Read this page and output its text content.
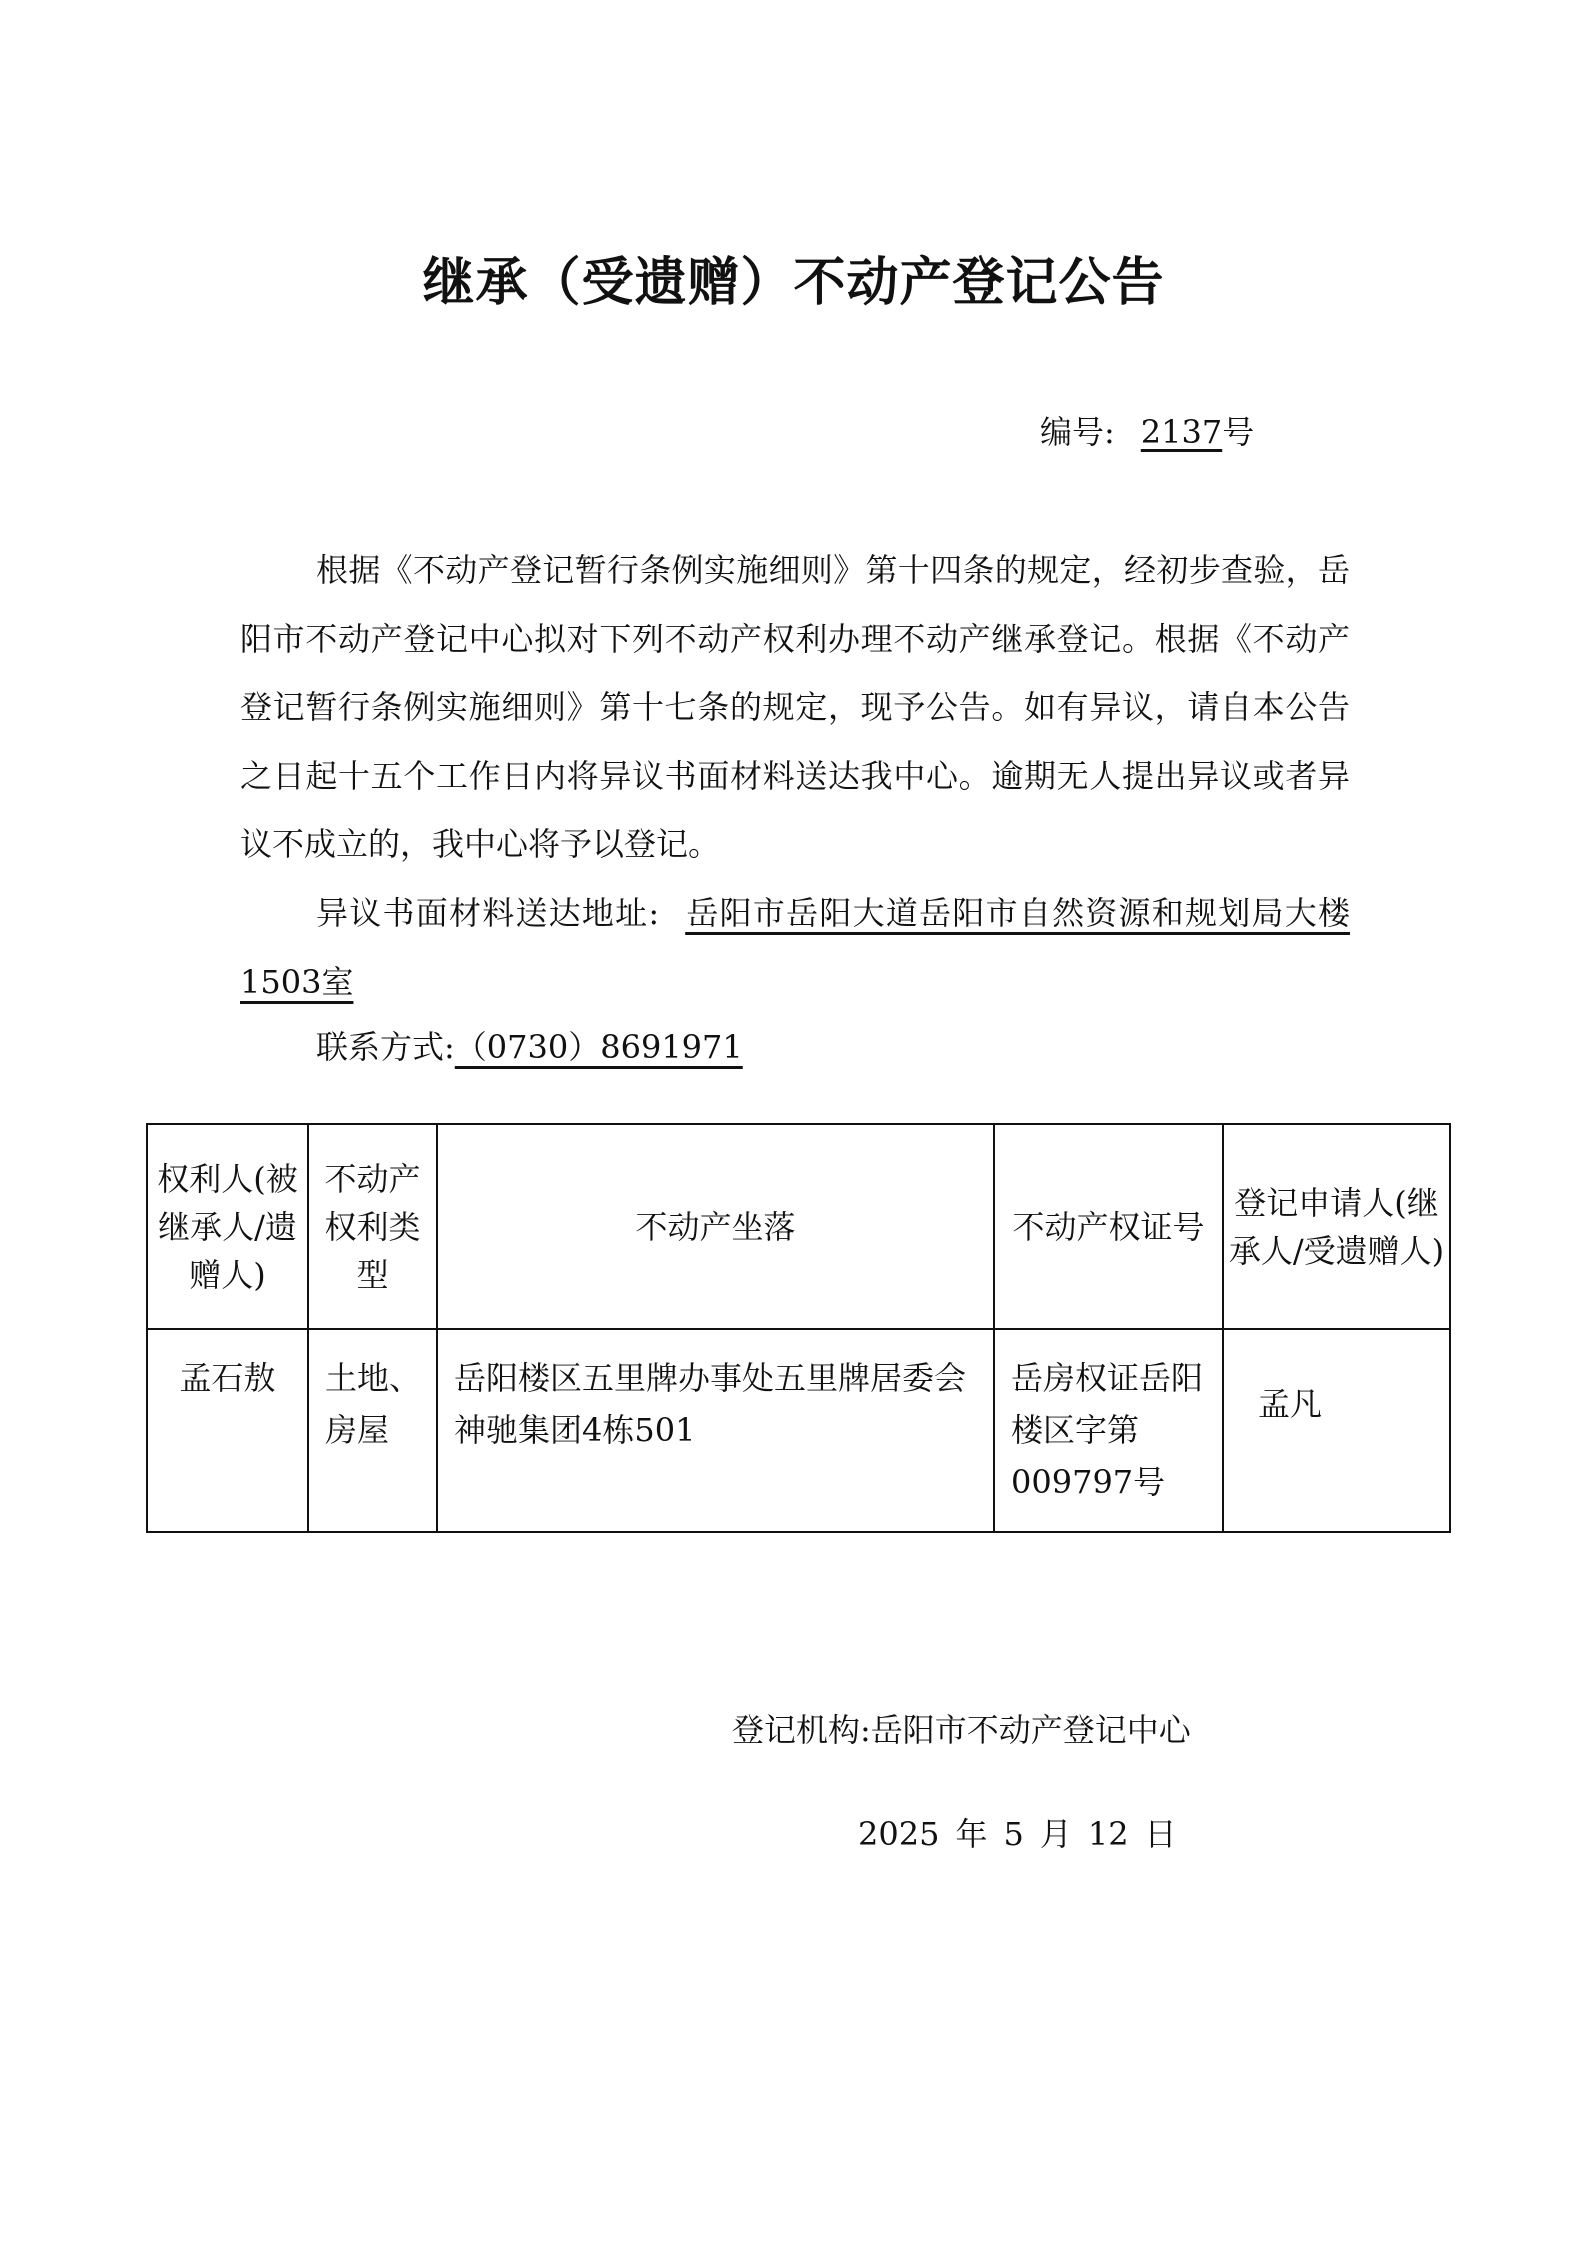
继承（受遗赠）不动产登记公告
编号: 2137号
根据《不动产登记暂行条例实施细则》第十四条的规定，经初步查验，岳阳市不动产登记中心拟对下列不动产权利办理不动产继承登记。根据《不动产登记暂行条例实施细则》第十七条的规定，现予公告。如有异议，请自本公告之日起十五个工作日内将异议书面材料送达我中心。逾期无人提出异议或者异议不成立的，我中心将予以登记。
异议书面材料送达地址: 岳阳市岳阳大道岳阳市自然资源和规划局大楼1503室
联系方式:（0730）8691971
权利人(被继承人/遗赠人)	不动产权利类型	不动产坐落	不动产权证号	登记申请人(继承人/受遗赠人)
孟石敖	土地、房屋	岳阳楼区五里牌办事处五里牌居委会神驰集团4栋501	岳房权证岳阳楼区字第009797号	孟凡
登记机构:岳阳市不动产登记中心
2025 年 5 月 12 日
